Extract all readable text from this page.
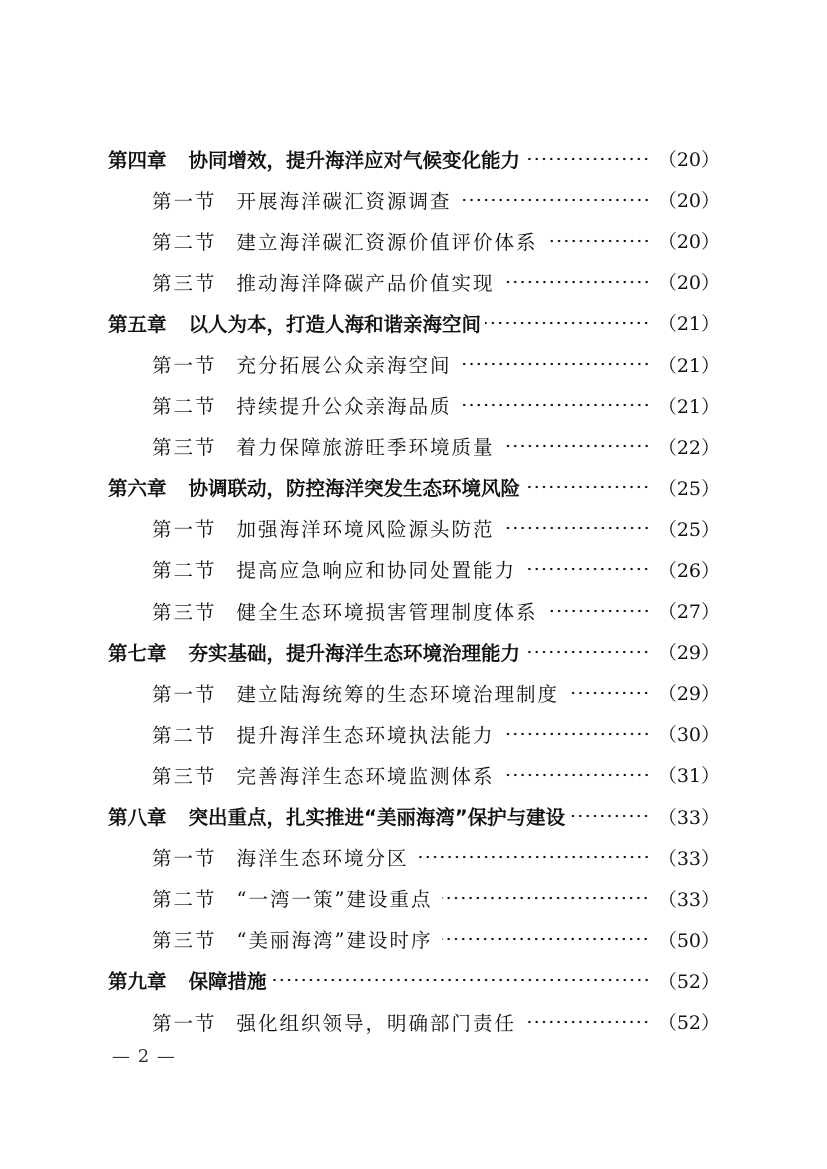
第四章 协同增效，提升海洋应对气候变化能力	（20）
第一节 开展海洋碳汇资源调查	（20）
第二节 建立海洋碳汇资源价值评价体系	（20）
第三节 推动海洋降碳产品价值实现	（20）
第五章 以人为本，打造人海和谐亲海空间	（21）
第一节 充分拓展公众亲海空间	（21）
第二节 持续提升公众亲海品质	（21）
第三节 着力保障旅游旺季环境质量	（22）
第六章 协调联动，防控海洋突发生态环境风险	（25）
第一节 加强海洋环境风险源头防范	（25）
第二节 提高应急响应和协同处置能力	（26）
第三节 健全生态环境损害管理制度体系	（27）
第七章 夯实基础，提升海洋生态环境治理能力	（29）
第一节 建立陆海统筹的生态环境治理制度	（29）
第二节 提升海洋生态环境执法能力	（30）
第三节 完善海洋生态环境监测体系	（31）
第八章 突出重点，扎实推进“美丽海湾”保护与建设	（33）
第一节 海洋生态环境分区	（33）
第二节 “一湾一策”建设重点	（33）
第三节 “美丽海湾”建设时序	（50）
第九章 保障措施	（52）
第一节 强化组织领导，明确部门责任	（52）
— 2 —
